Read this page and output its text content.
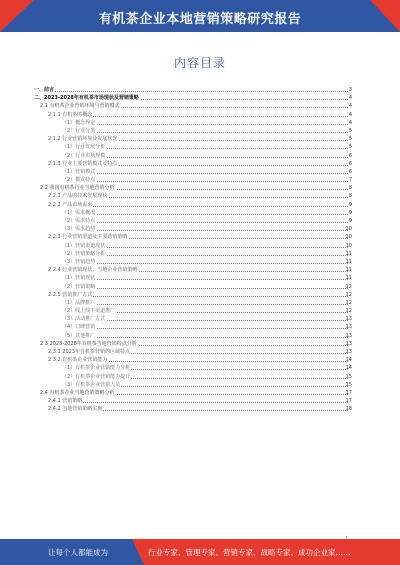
有机茶企业本地营销策略研究报告
内容目录
一、前言	3
二、2023-2028年有机茶市场现状及营销策略	4
2.1 有机茶企业营销环境与营销模式	4
2.1.1 有机茶的概念	4
（1）概念界定	4
（2）行业分类	5
2.1.2 行业营销环境及发展状况	5
（1）行业发展分析	5
（2）行业市场规模	6
2.1.3 行业主要营销模式及特点	6
（1）营销模式	6
（2）模式特点	7
2.2 我国有机茶行业当地营销分析	8
2.2.1 产品的技术发展现状	8
2.2.2 产品市场需求	9
（1）需求概况	9
（2）需求特点	9
（3）需求趋势	10
2.2.3 行业营销渠道及主要营销策略	10
（1）营销渠道现状	10
（2）营销策略分析	11
（3）营销趋势	11
2.2.4 行业营销现状、当地企业营销策略	11
（1）营销现状	11
（2）营销策略	12
2.2.5 营销推广方式	12
（1）品牌推广	12
（2）线上线下渠道推广	12
（3）活动推广方式	13
（4）口碑营销	13
（5）其他推广	13
2.3 2023-2028年有机茶当地营销特点分析	13
2.3.1 2023年有机茶营销的区域特点	13
2.3.2 有机茶企业营销能力	14
（1）有机茶企业营销能力分析	14
（2）有机茶企业营销能力提升	15
（3）有机茶企业营销人员	15
2.4 有机茶企业当地营销策略分析	17
2.4.1 营销策略	17
2.4.2 当地营销策略实施	18
让每个人都能成为	行业专家、管理专家、营销专家、战略专家、成功企业家……
